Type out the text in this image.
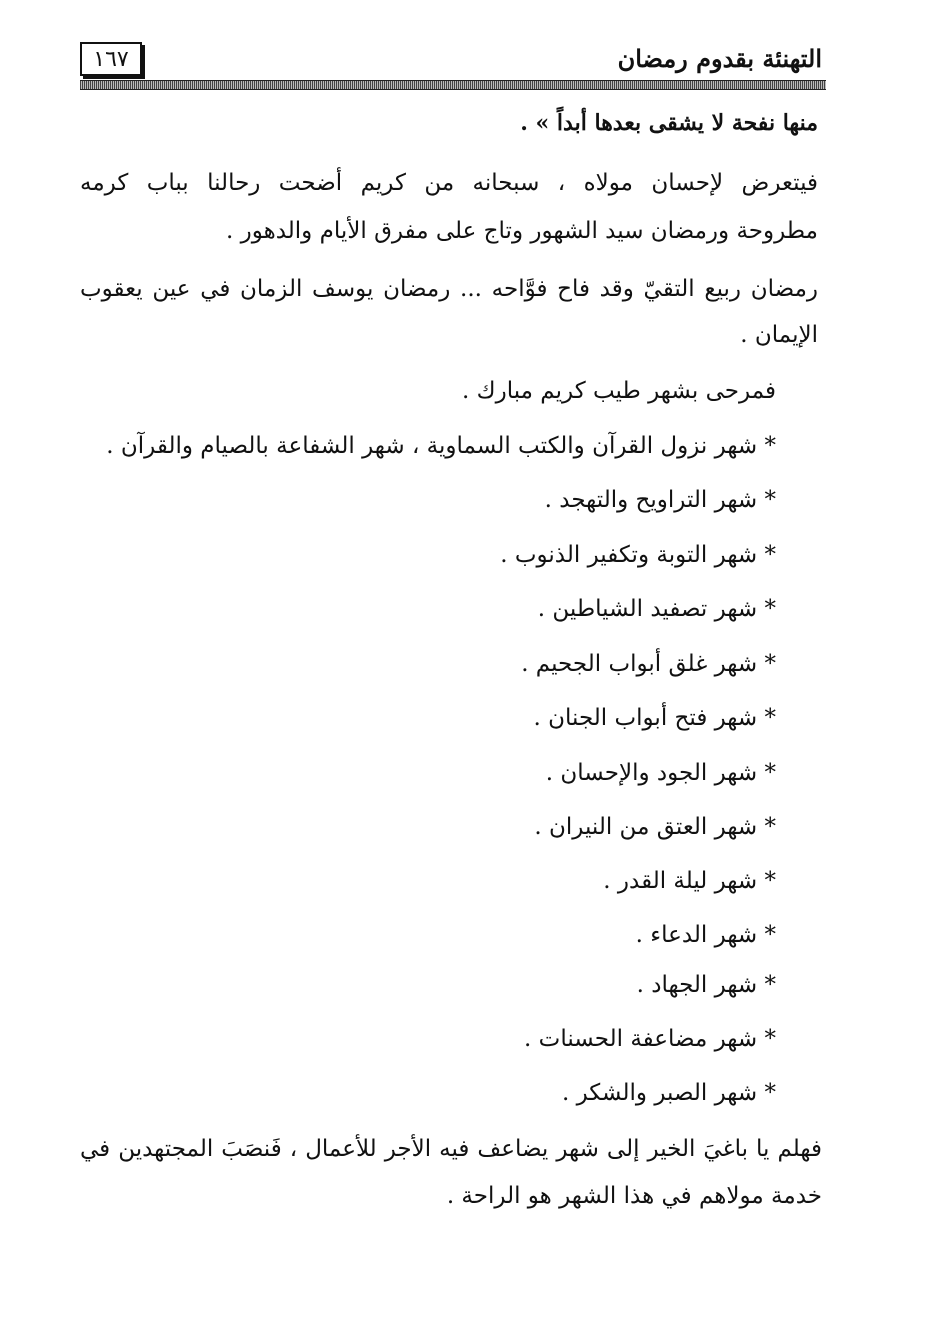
١٦٧	التهنئة بقدوم رمضان
منها نفحة لا يشقى بعدها أبداً » .
فيتعرض لإحسان مولاه ، سبحانه من كريم أضحت رحالنا بباب كرمه
مطروحة ورمضان سيد الشهور وتاج على مفرق الأيام والدهور .
رمضان ربيع التقيّ وقد فاح فوَّاحه ... رمضان يوسف الزمان في عين يعقوب
الإيمان .
فمرحى بشهر طيب كريم مبارك .
* شهر نزول القرآن والكتب السماوية ، شهر الشفاعة بالصيام والقرآن .
* شهر التراويح والتهجد .
* شهر التوبة وتكفير الذنوب .
* شهر تصفيد الشياطين .
* شهر غلق أبواب الجحيم .
* شهر فتح أبواب الجنان .
* شهر الجود والإحسان .
* شهر العتق من النيران .
* شهر ليلة القدر .
* شهر الدعاء .
* شهر الجهاد .
* شهر مضاعفة الحسنات .
* شهر الصبر والشكر .
فهلم يا باغيَ الخير إلى شهر يضاعف فيه الأجر للأعمال ، فَنصَبَ المجتهدين في
خدمة مولاهم في هذا الشهر هو الراحة .
